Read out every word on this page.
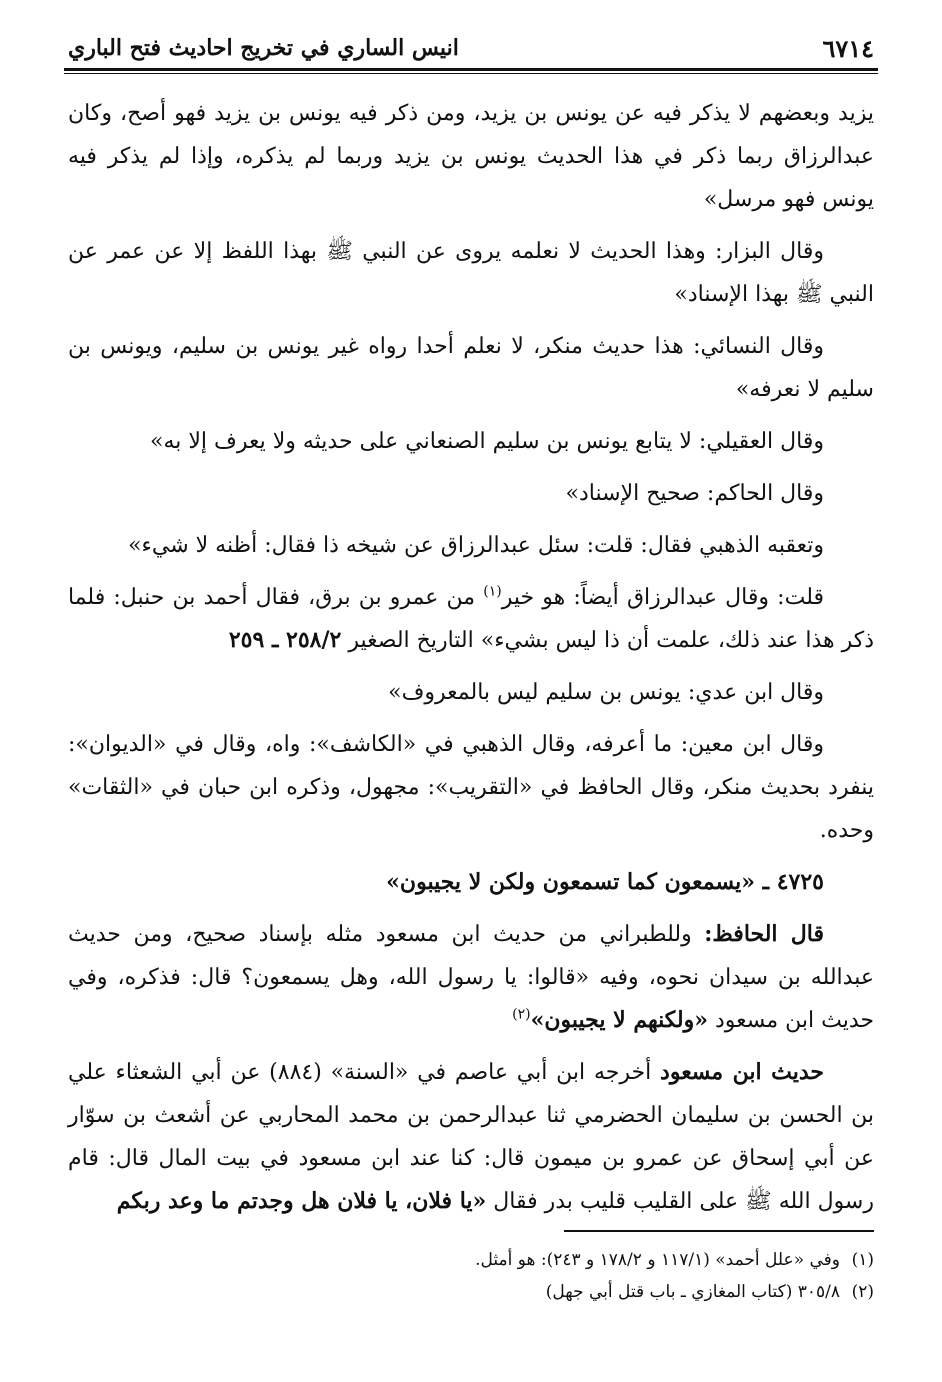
٦٧١٤
انيس الساري في تخريج احاديث فتح الباري

يزيد وبعضهم لا يذكر فيه عن يونس بن يزيد، ومن ذكر فيه يونس بن يزيد فهو أصح، وكان عبدالرزاق ربما ذكر في هذا الحديث يونس بن يزيد وربما لم يذكره، وإذا لم يذكر فيه يونس فهو مرسل»

وقال البزار: وهذا الحديث لا نعلمه يروى عن النبي ﷺ بهذا اللفظ إلا عن عمر عن النبي ﷺ بهذا الإسناد»

وقال النسائي: هذا حديث منكر، لا نعلم أحدا رواه غير يونس بن سليم، ويونس بن سليم لا نعرفه»

وقال العقيلي: لا يتابع يونس بن سليم الصنعاني على حديثه ولا يعرف إلا به»

وقال الحاكم: صحيح الإسناد»

وتعقبه الذهبي فقال: قلت: سئل عبدالرزاق عن شيخه ذا فقال: أظنه لا شيء»

قلت: وقال عبدالرزاق أيضاً: هو خير$^{(١)}$ من عمرو بن برق، فقال أحمد بن حنبل: فلما ذكر هذا عند ذلك، علمت أن ذا ليس بشيء» التاريخ الصغير ٢٥٨/٢ ـ ٢٥٩

وقال ابن عدي: يونس بن سليم ليس بالمعروف»

وقال ابن معين: ما أعرفه، وقال الذهبي في «الكاشف»: واه، وقال في «الديوان»: ينفرد بحديث منكر، وقال الحافظ في «التقريب»: مجهول، وذكره ابن حبان في «الثقات» وحده.

٤٧٢٥ ـ «يسمعون كما تسمعون ولكن لا يجيبون»

قال الحافظ: وللطبراني من حديث ابن مسعود مثله بإسناد صحيح، ومن حديث عبدالله بن سيدان نحوه، وفيه «قالوا: يا رسول الله، وهل يسمعون؟ قال: فذكره، وفي حديث ابن مسعود «ولكنهم لا يجيبون»$^{(٢)}$

حديث ابن مسعود أخرجه ابن أبي عاصم في «السنة» (٨٨٤) عن أبي الشعثاء علي بن الحسن بن سليمان الحضرمي ثنا عبدالرحمن بن محمد المحاربي عن أشعث بن سوّار عن أبي إسحاق عن عمرو بن ميمون قال: كنا عند ابن مسعود في بيت المال قال: قام رسول الله ﷺ على القليب قليب بدر فقال «يا فلان، يا فلان هل وجدتم ما وعد ربكم

(١)وفي «علل أحمد» (١١٧/١ و ١٧٨/٢ و ٢٤٣): هو أمثل.
(٢)٣٠٥/٨ (كتاب المغازي ـ باب قتل أبي جهل)
